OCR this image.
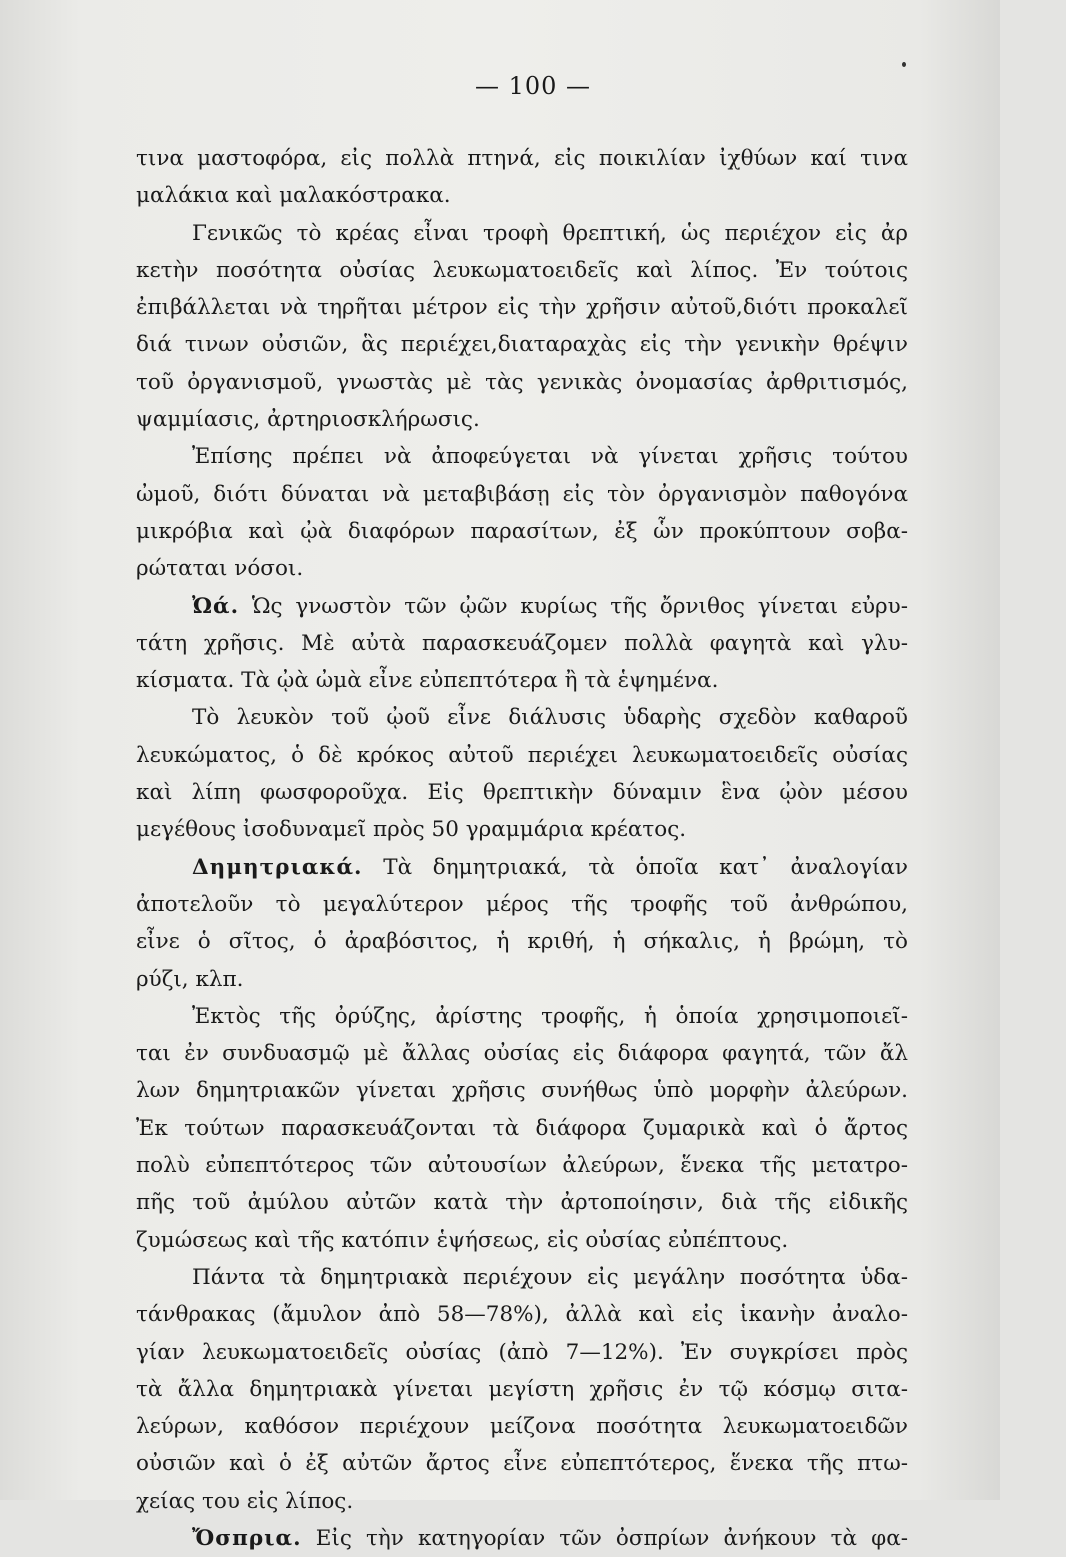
— 100 —
τινα μαστοφόρα, εἰς πολλὰ πτηνά, εἰς ποικιλίαν ἰχθύων καί τινα
μαλάκια καὶ μαλακόστρακα.
Γενικῶς τὸ κρέας εἶναι τροφὴ θρεπτική, ὡς περιέχον εἰς ἀρ
κετὴν ποσότητα οὐσίας λευκωματοειδεῖς καὶ λίπος. Ἐν τούτοις
ἐπιβάλλεται νὰ τηρῆται μέτρον εἰς τὴν χρῆσιν αὐτοῦ,διότι προκαλεῖ
διά τινων οὐσιῶν, ἃς περιέχει,διαταραχὰς εἰς τὴν γενικὴν θρέψιν
τοῦ ὀργανισμοῦ, γνωστὰς μὲ τὰς γενικὰς ὀνομασίας ἀρθριτισμός,
ψαμμίασις, ἀρτηριοσκλήρωσις.
Ἐπίσης πρέπει νὰ ἀποφεύγεται νὰ γίνεται χρῆσις τούτου
ὠμοῦ, διότι δύναται νὰ μεταβιβάσῃ εἰς τὸν ὀργανισμὸν παθογόνα
μικρόβια καὶ ᾠὰ διαφόρων παρασίτων, ἐξ ὧν προκύπτουν σοβα-
ρώταται νόσοι.
Ὠά. Ὡς γνωστὸν τῶν ᾠῶν κυρίως τῆς ὄρνιθος γίνεται εὐρυ-
τάτη χρῆσις. Μὲ αὐτὰ παρασκευάζομεν πολλὰ φαγητὰ καὶ γλυ-
κίσματα. Τὰ ᾠὰ ὠμὰ εἶνε εὐπεπτότερα ἢ τὰ ἑψημένα.
Τὸ λευκὸν τοῦ ᾠοῦ εἶνε διάλυσις ὑδαρὴς σχεδὸν καθαροῦ
λευκώματος, ὁ δὲ κρόκος αὐτοῦ περιέχει λευκωματοειδεῖς οὐσίας
καὶ λίπη φωσφοροῦχα. Εἰς θρεπτικὴν δύναμιν ἓνα ᾠὸν μέσου
μεγέθους ἰσοδυναμεῖ πρὸς 50 γραμμάρια κρέατος.
Δημητριακά. Τὰ δημητριακά, τὰ ὁποῖα κατ᾽ ἀναλογίαν
ἀποτελοῦν τὸ μεγαλύτερον μέρος τῆς τροφῆς τοῦ ἀνθρώπου,
εἶνε ὁ σῖτος, ὁ ἀραβόσιτος, ἡ κριθή, ἡ σήκαλις, ἡ βρώμη, τὸ
ρύζι, κλπ.
Ἐκτὸς τῆς ὀρύζης, ἀρίστης τροφῆς, ἡ ὁποία χρησιμοποιεῖ-
ται ἐν συνδυασμῷ μὲ ἄλλας οὐσίας εἰς διάφορα φαγητά, τῶν ἄλ
λων δημητριακῶν γίνεται χρῆσις συνήθως ὑπὸ μορφὴν ἀλεύρων.
Ἐκ τούτων παρασκευάζονται τὰ διάφορα ζυμαρικὰ καὶ ὁ ἄρτος
πολὺ εὐπεπτότερος τῶν αὐτουσίων ἀλεύρων, ἕνεκα τῆς μετατρο-
πῆς τοῦ ἀμύλου αὐτῶν κατὰ τὴν ἀρτοποίησιν, διὰ τῆς εἰδικῆς
ζυμώσεως καὶ τῆς κατόπιν ἑψήσεως, εἰς οὐσίας εὐπέπτους.
Πάντα τὰ δημητριακὰ περιέχουν εἰς μεγάλην ποσότητα ὑδα-
τάνθρακας (ἄμυλον ἀπὸ 58—78%), ἀλλὰ καὶ εἰς ἱκανὴν ἀναλο-
γίαν λευκωματοειδεῖς οὐσίας (ἀπὸ 7—12%). Ἐν συγκρίσει πρὸς
τὰ ἄλλα δημητριακὰ γίνεται μεγίστη χρῆσις ἐν τῷ κόσμῳ σιτα-
λεύρων, καθόσον περιέχουν μείζονα ποσότητα λευκωματοειδῶν
οὐσιῶν καὶ ὁ ἐξ αὐτῶν ἄρτος εἶνε εὐπεπτότερος, ἕνεκα τῆς πτω-
χείας του εἰς λίπος.
Ὄσπρια. Εἰς τὴν κατηγορίαν τῶν ὀσπρίων ἀνήκουν τὰ φα-
